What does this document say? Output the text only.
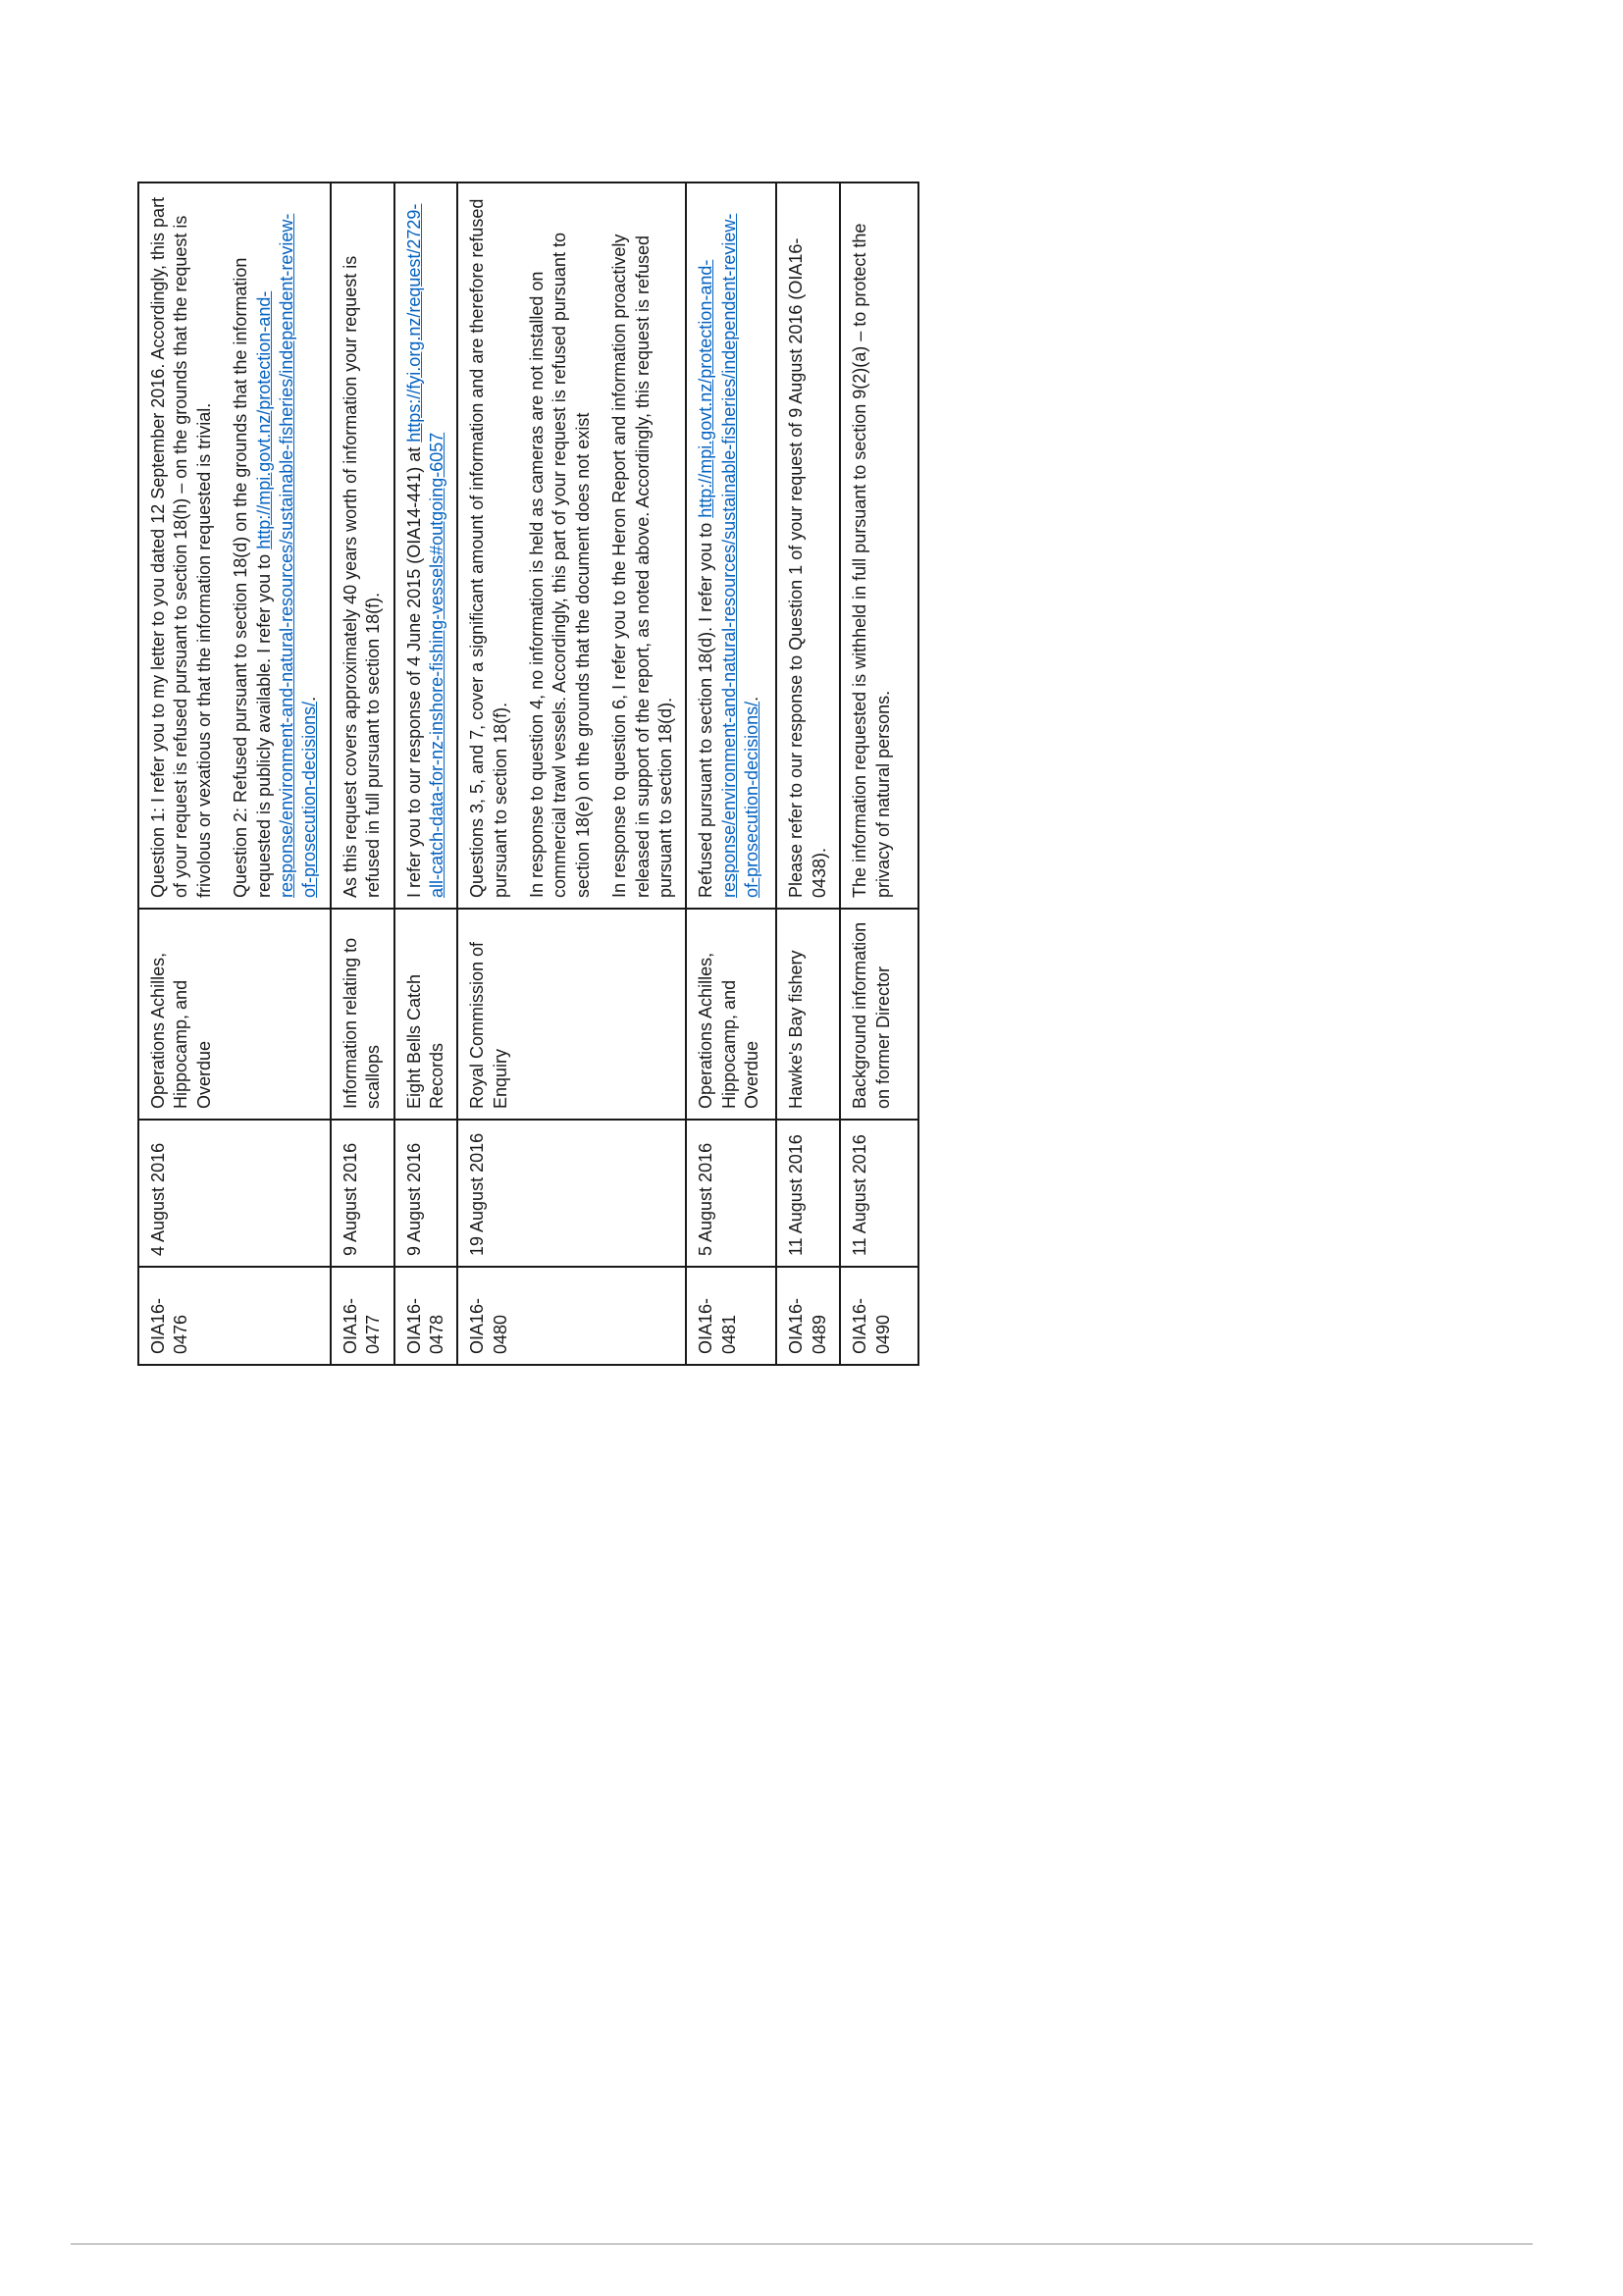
OIA16-0476	4 August 2016	Operations Achilles, Hippocamp, and Overdue	Question 1: I refer you to my letter to you dated 12 September 2016. Accordingly, this part of your request is refused pursuant to section 18(h) – on the grounds that the request is frivolous or vexatious or that the information requested is trivial. Question 2: Refused pursuant to section 18(d) on the grounds that the information requested is publicly available. I refer you to http://mpi.govt.nz/protection-and-response/environment-and-natural-resources/sustainable-fisheries/independent-review-of-prosecution-decisions/.

OIA16-0477	9 August 2016	Information relating to scallops	As this request covers approximately 40 years worth of information your request is refused in full pursuant to section 18(f).

OIA16-0478	9 August 2016	Eight Bells Catch Records	I refer you to our response of 4 June 2015 (OIA14-441) at https://fyi.org.nz/request/2729-all-catch-data-for-nz-inshore-fishing-vessels#outgoing-6057

OIA16-0480	19 August 2016	Royal Commission of Enquiry	Questions 3, 5, and 7, cover a significant amount of information and are therefore refused pursuant to section 18(f). In response to question 4, no information is held as cameras are not installed on commercial trawl vessels. Accordingly, this part of your request is refused pursuant to section 18(e) on the grounds that the document does not exist In response to question 6, I refer you to the Heron Report and information proactively released in support of the report, as noted above. Accordingly, this request is refused pursuant to section 18(d).

OIA16-0481	5 August 2016	Operations Achilles, Hippocamp, and Overdue	Refused pursuant to section 18(d). I refer you to http://mpi.govt.nz/protection-and-response/environment-and-natural-resources/sustainable-fisheries/independent-review-of-prosecution-decisions/.

OIA16-0489	11 August 2016	Hawke's Bay fishery	Please refer to our response to Question 1 of your request of 9 August 2016 (OIA16-0438).

OIA16-0490	11 August 2016	Background information on former Director	The information requested is withheld in full pursuant to section 9(2)(a) – to protect the privacy of natural persons.
